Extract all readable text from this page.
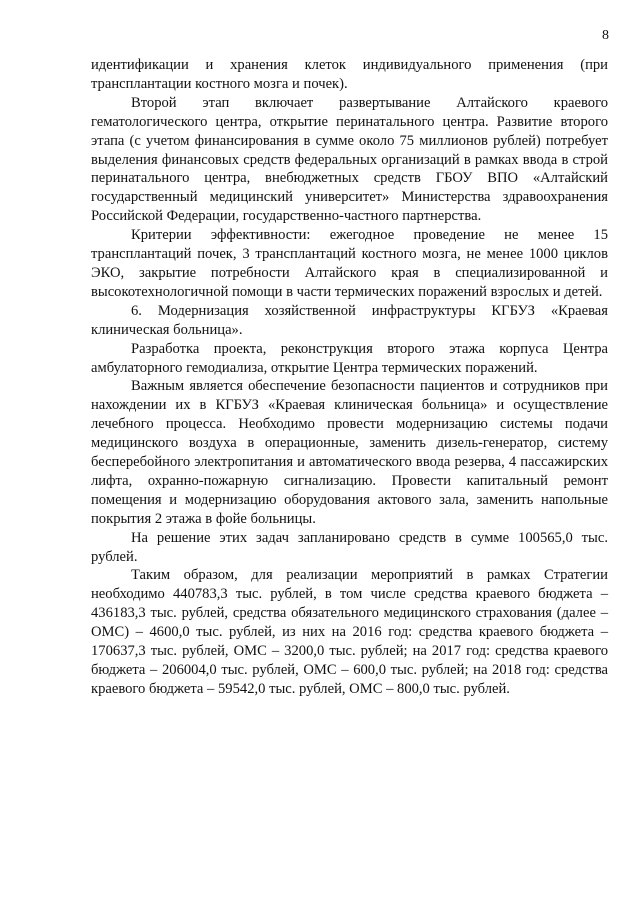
8

идентификации и хранения клеток индивидуального применения (при трансплантации костного мозга и почек).

Второй этап включает развертывание Алтайского краевого гематологического центра, открытие перинатального центра. Развитие второго этапа (с учетом финансирования в сумме около 75 миллионов рублей) потребует выделения финансовых средств федеральных организаций в рамках ввода в строй перинатального центра, внебюджетных средств ГБОУ ВПО «Алтайский государственный медицинский университет» Министерства здравоохранения Российской Федерации, государственно-частного партнерства.

Критерии эффективности: ежегодное проведение не менее 15 трансплантаций почек, 3 трансплантаций костного мозга, не менее 1000 циклов ЭКО, закрытие потребности Алтайского края в специализированной и высокотехнологичной помощи в части термических поражений взрослых и детей.

6. Модернизация хозяйственной инфраструктуры КГБУЗ «Краевая клиническая больница».

Разработка проекта, реконструкция второго этажа корпуса Центра амбулаторного гемодиализа, открытие Центра термических поражений.

Важным является обеспечение безопасности пациентов и сотрудников при нахождении их в КГБУЗ «Краевая клиническая больница» и осуществление лечебного процесса. Необходимо провести модернизацию системы подачи медицинского воздуха в операционные, заменить дизель-генератор, систему бесперебойного электропитания и автоматического ввода резерва, 4 пассажирских лифта, охранно-пожарную сигнализацию. Провести капитальный ремонт помещения и модернизацию оборудования актового зала, заменить напольные покрытия 2 этажа в фойе больницы.

На решение этих задач запланировано средств в сумме 100565,0 тыс. рублей.

Таким образом, для реализации мероприятий в рамках Стратегии необходимо 440783,3 тыс. рублей, в том числе средства краевого бюджета – 436183,3 тыс. рублей, средства обязательного медицинского страхования (далее – ОМС) – 4600,0 тыс. рублей, из них на 2016 год: средства краевого бюджета – 170637,3 тыс. рублей, ОМС – 3200,0 тыс. рублей; на 2017 год: средства краевого бюджета – 206004,0 тыс. рублей, ОМС – 600,0 тыс. рублей; на 2018 год: средства краевого бюджета – 59542,0 тыс. рублей, ОМС – 800,0 тыс. рублей.
